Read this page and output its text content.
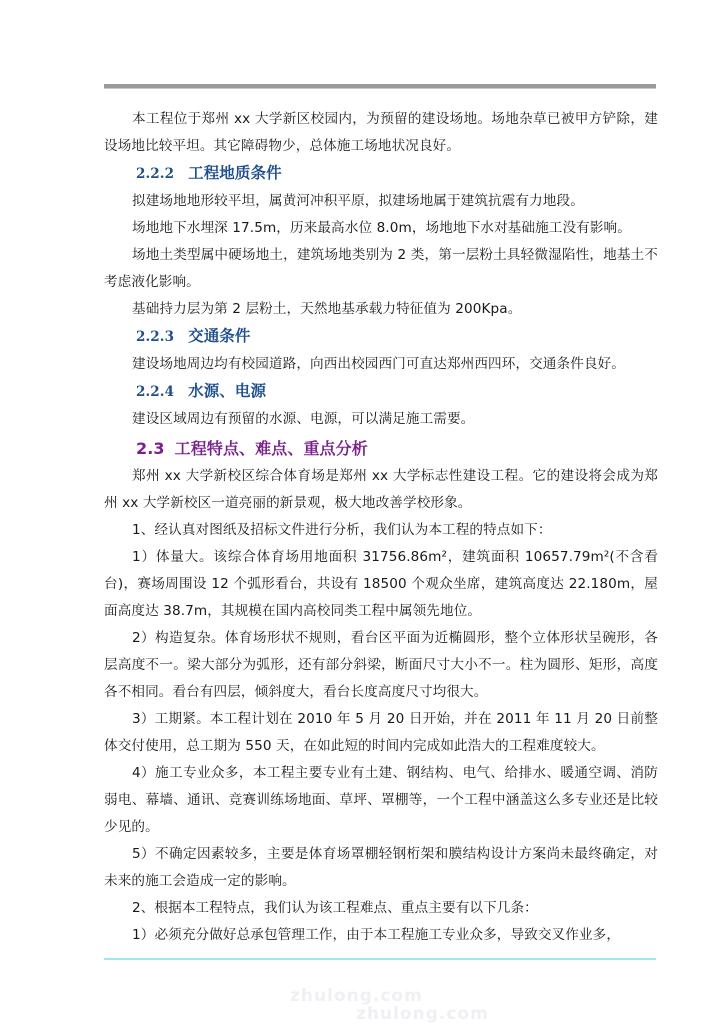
本工程位于郑州 xx 大学新区校园内，为预留的建设场地。场地杂草已被甲方铲除，建设场地比较平坦。其它障碍物少，总体施工场地状况良好。

2.2.2 工程地质条件

拟建场地地形较平坦，属黄河冲积平原，拟建场地属于建筑抗震有力地段。

场地地下水埋深 17.5m，历来最高水位 8.0m，场地地下水对基础施工没有影响。

场地土类型属中硬场地土，建筑场地类别为 2 类，第一层粉土具轻微湿陷性，地基土不考虑液化影响。

基础持力层为第 2 层粉土，天然地基承载力特征值为 200Kpa。

2.2.3 交通条件

建设场地周边均有校园道路，向西出校园西门可直达郑州西四环，交通条件良好。

2.2.4 水源、电源

建设区域周边有预留的水源、电源，可以满足施工需要。

2.3 工程特点、难点、重点分析

郑州 xx 大学新校区综合体育场是郑州 xx 大学标志性建设工程。它的建设将会成为郑州 xx 大学新校区一道亮丽的新景观，极大地改善学校形象。

1、经认真对图纸及招标文件进行分析，我们认为本工程的特点如下：

1）体量大。该综合体育场用地面积 31756.86m²，建筑面积 10657.79m²(不含看台)，赛场周围设 12 个弧形看台，共设有 18500 个观众坐席，建筑高度达 22.180m，屋面高度达 38.7m，其规模在国内高校同类工程中属领先地位。

2）构造复杂。体育场形状不规则，看台区平面为近椭圆形，整个立体形状呈碗形，各层高度不一。梁大部分为弧形，还有部分斜梁，断面尺寸大小不一。柱为圆形、矩形，高度各不相同。看台有四层，倾斜度大，看台长度高度尺寸均很大。

3）工期紧。本工程计划在 2010 年 5 月 20 日开始，并在 2011 年 11 月 20 日前整体交付使用，总工期为 550 天，在如此短的时间内完成如此浩大的工程难度较大。

4）施工专业众多，本工程主要专业有土建、钢结构、电气、给排水、暖通空调、消防弱电、幕墙、通讯、竞赛训练场地面、草坪、罩棚等，一个工程中涵盖这么多专业还是比较少见的。

5）不确定因素较多，主要是体育场罩棚轻钢桁架和膜结构设计方案尚未最终确定，对未来的施工会造成一定的影响。

2、根据本工程特点，我们认为该工程难点、重点主要有以下几条：

1）必须充分做好总承包管理工作，由于本工程施工专业众多，导致交叉作业多，

zhulong.com
zhulong.com
